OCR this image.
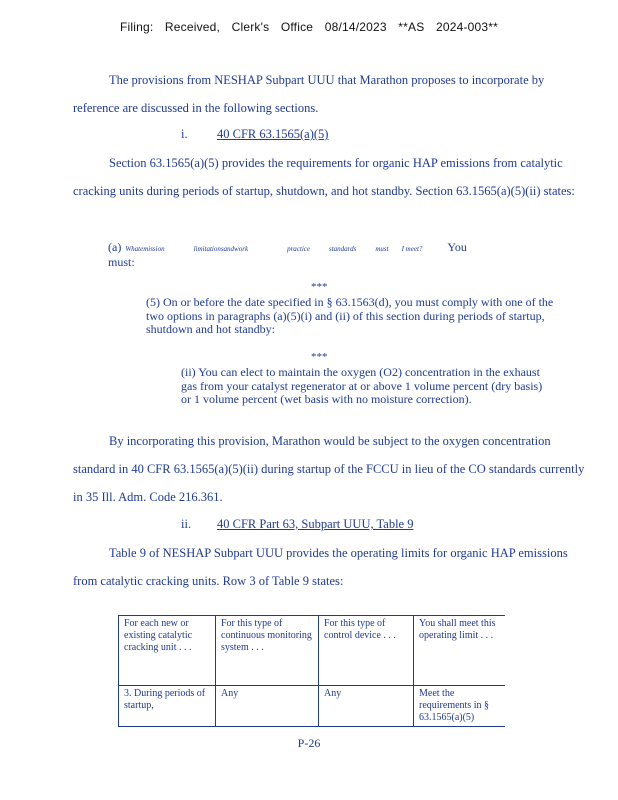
Filing: Received, Clerk's Office 08/14/2023 **AS 2024-003**
The provisions from NESHAP Subpart UUU that Marathon proposes to incorporate by reference are discussed in the following sections.
i. 40 CFR 63.1565(a)(5)
Section 63.1565(a)(5) provides the requirements for organic HAP emissions from catalytic cracking units during periods of startup, shutdown, and hot standby. Section 63.1565(a)(5)(ii) states:
(a) Whatemission	limitationsandwork	practice	standards	must I meet? You
must:
***
(5) On or before the date specified in § 63.1563(d), you must comply with one of the two options in paragraphs (a)(5)(i) and (ii) of this section during periods of startup, shutdown and hot standby:
***
(ii) You can elect to maintain the oxygen (O2) concentration in the exhaust gas from your catalyst regenerator at or above 1 volume percent (dry basis) or 1 volume percent (wet basis with no moisture correction).
By incorporating this provision, Marathon would be subject to the oxygen concentration standard in 40 CFR 63.1565(a)(5)(ii) during startup of the FCCU in lieu of the CO standards currently in 35 Ill. Adm. Code 216.361.
ii. 40 CFR Part 63, Subpart UUU, Table 9
Table 9 of NESHAP Subpart UUU provides the operating limits for organic HAP emissions from catalytic cracking units. Row 3 of Table 9 states:
For each new or existing catalytic cracking unit . . .	For this type of continuous monitoring system . . .	For this type of control device . . .	You shall meet this operating limit . . .
3. During periods of startup,	Any	Any	Meet the requirements in § 63.1565(a)(5)
P-26
